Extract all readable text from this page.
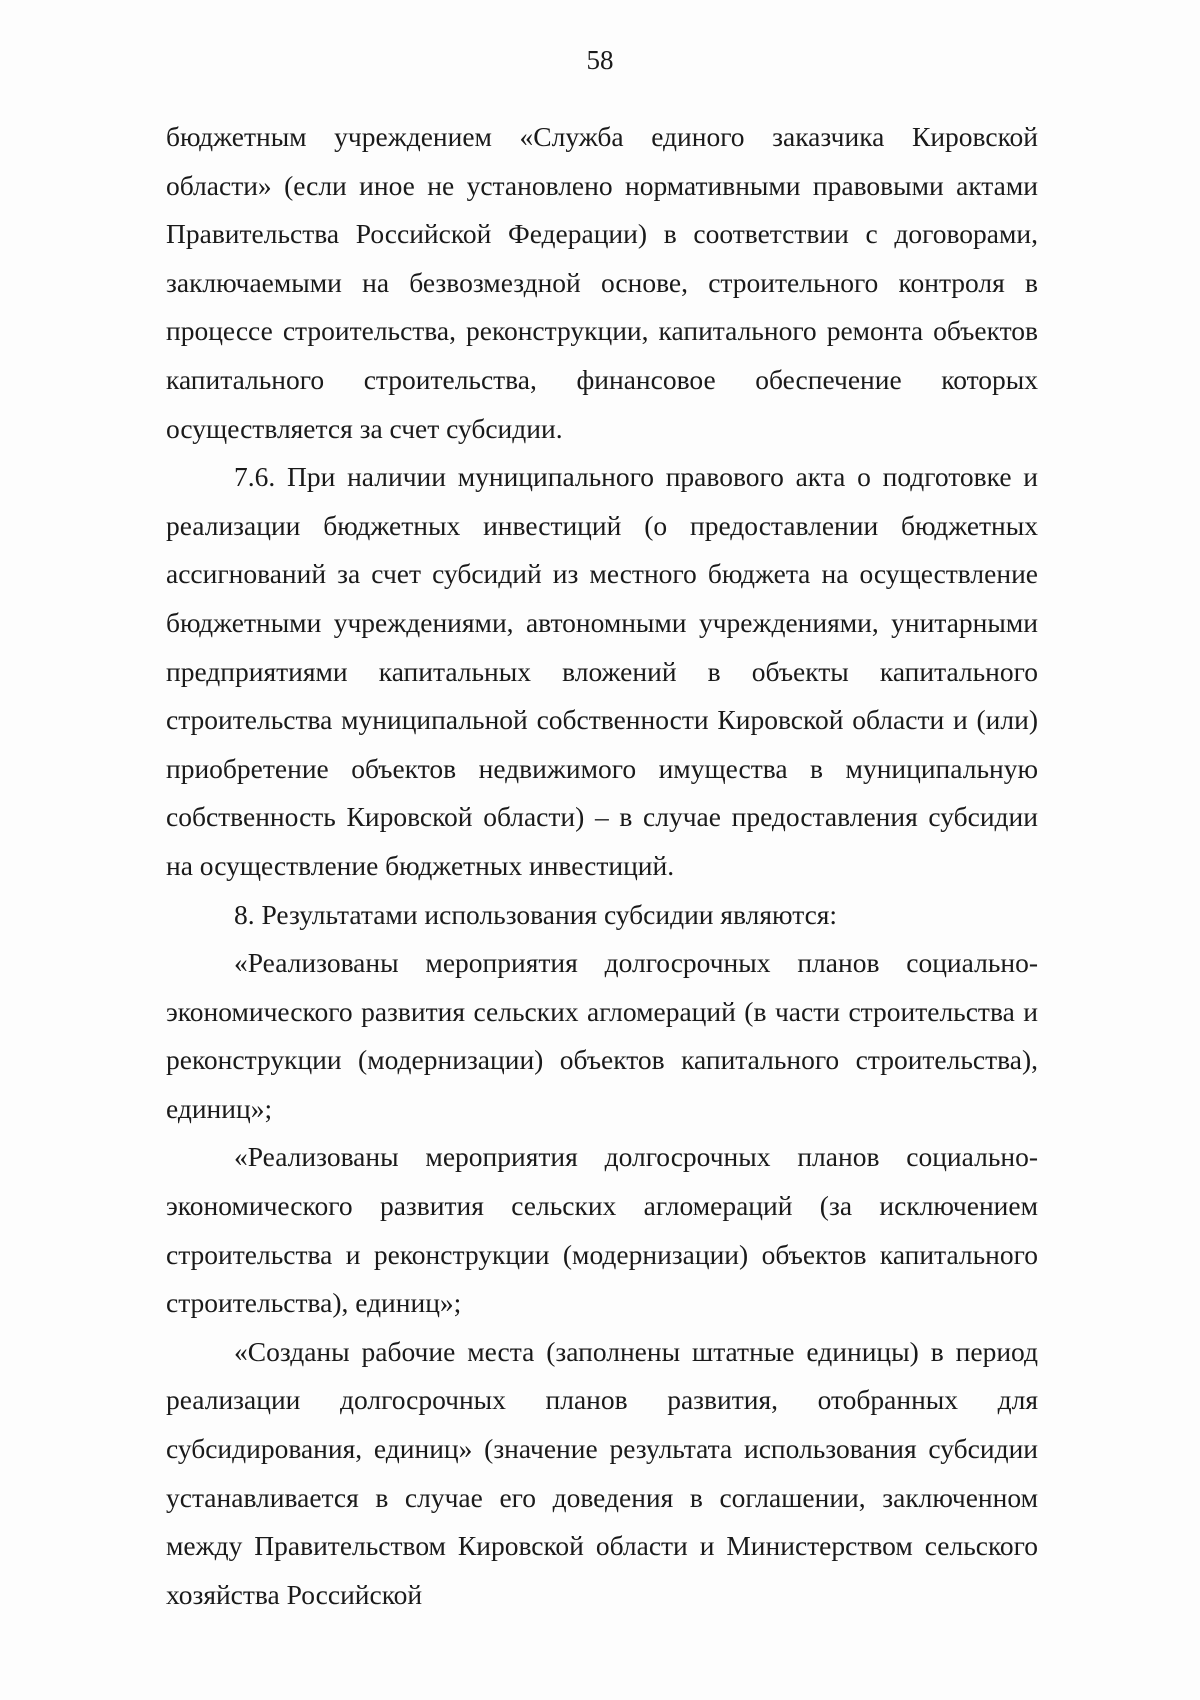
58

бюджетным учреждением «Служба единого заказчика Кировской области» (если иное не установлено нормативными правовыми актами Правительства Российской Федерации) в соответствии с договорами, заключаемыми на безвозмездной основе, строительного контроля в процессе строительства, реконструкции, капитального ремонта объектов капитального строительства, финансовое обеспечение которых осуществляется за счет субсидии.

7.6. При наличии муниципального правового акта о подготовке и реализации бюджетных инвестиций (о предоставлении бюджетных ассигнований за счет субсидий из местного бюджета на осуществление бюджетными учреждениями, автономными учреждениями, унитарными предприятиями капитальных вложений в объекты капитального строительства муниципальной собственности Кировской области и (или) приобретение объектов недвижимого имущества в муниципальную собственность Кировской области) – в случае предоставления субсидии на осуществление бюджетных инвестиций.

8. Результатами использования субсидии являются:

«Реализованы мероприятия долгосрочных планов социально-экономического развития сельских агломераций (в части строительства и реконструкции (модернизации) объектов капитального строительства), единиц»;

«Реализованы мероприятия долгосрочных планов социально-экономического развития сельских агломераций (за исключением строительства и реконструкции (модернизации) объектов капитального строительства), единиц»;

«Созданы рабочие места (заполнены штатные единицы) в период реализации долгосрочных планов развития, отобранных для субсидирования, единиц» (значение результата использования субсидии устанавливается в случае его доведения в соглашении, заключенном между Правительством Кировской области и Министерством сельского хозяйства Российской
